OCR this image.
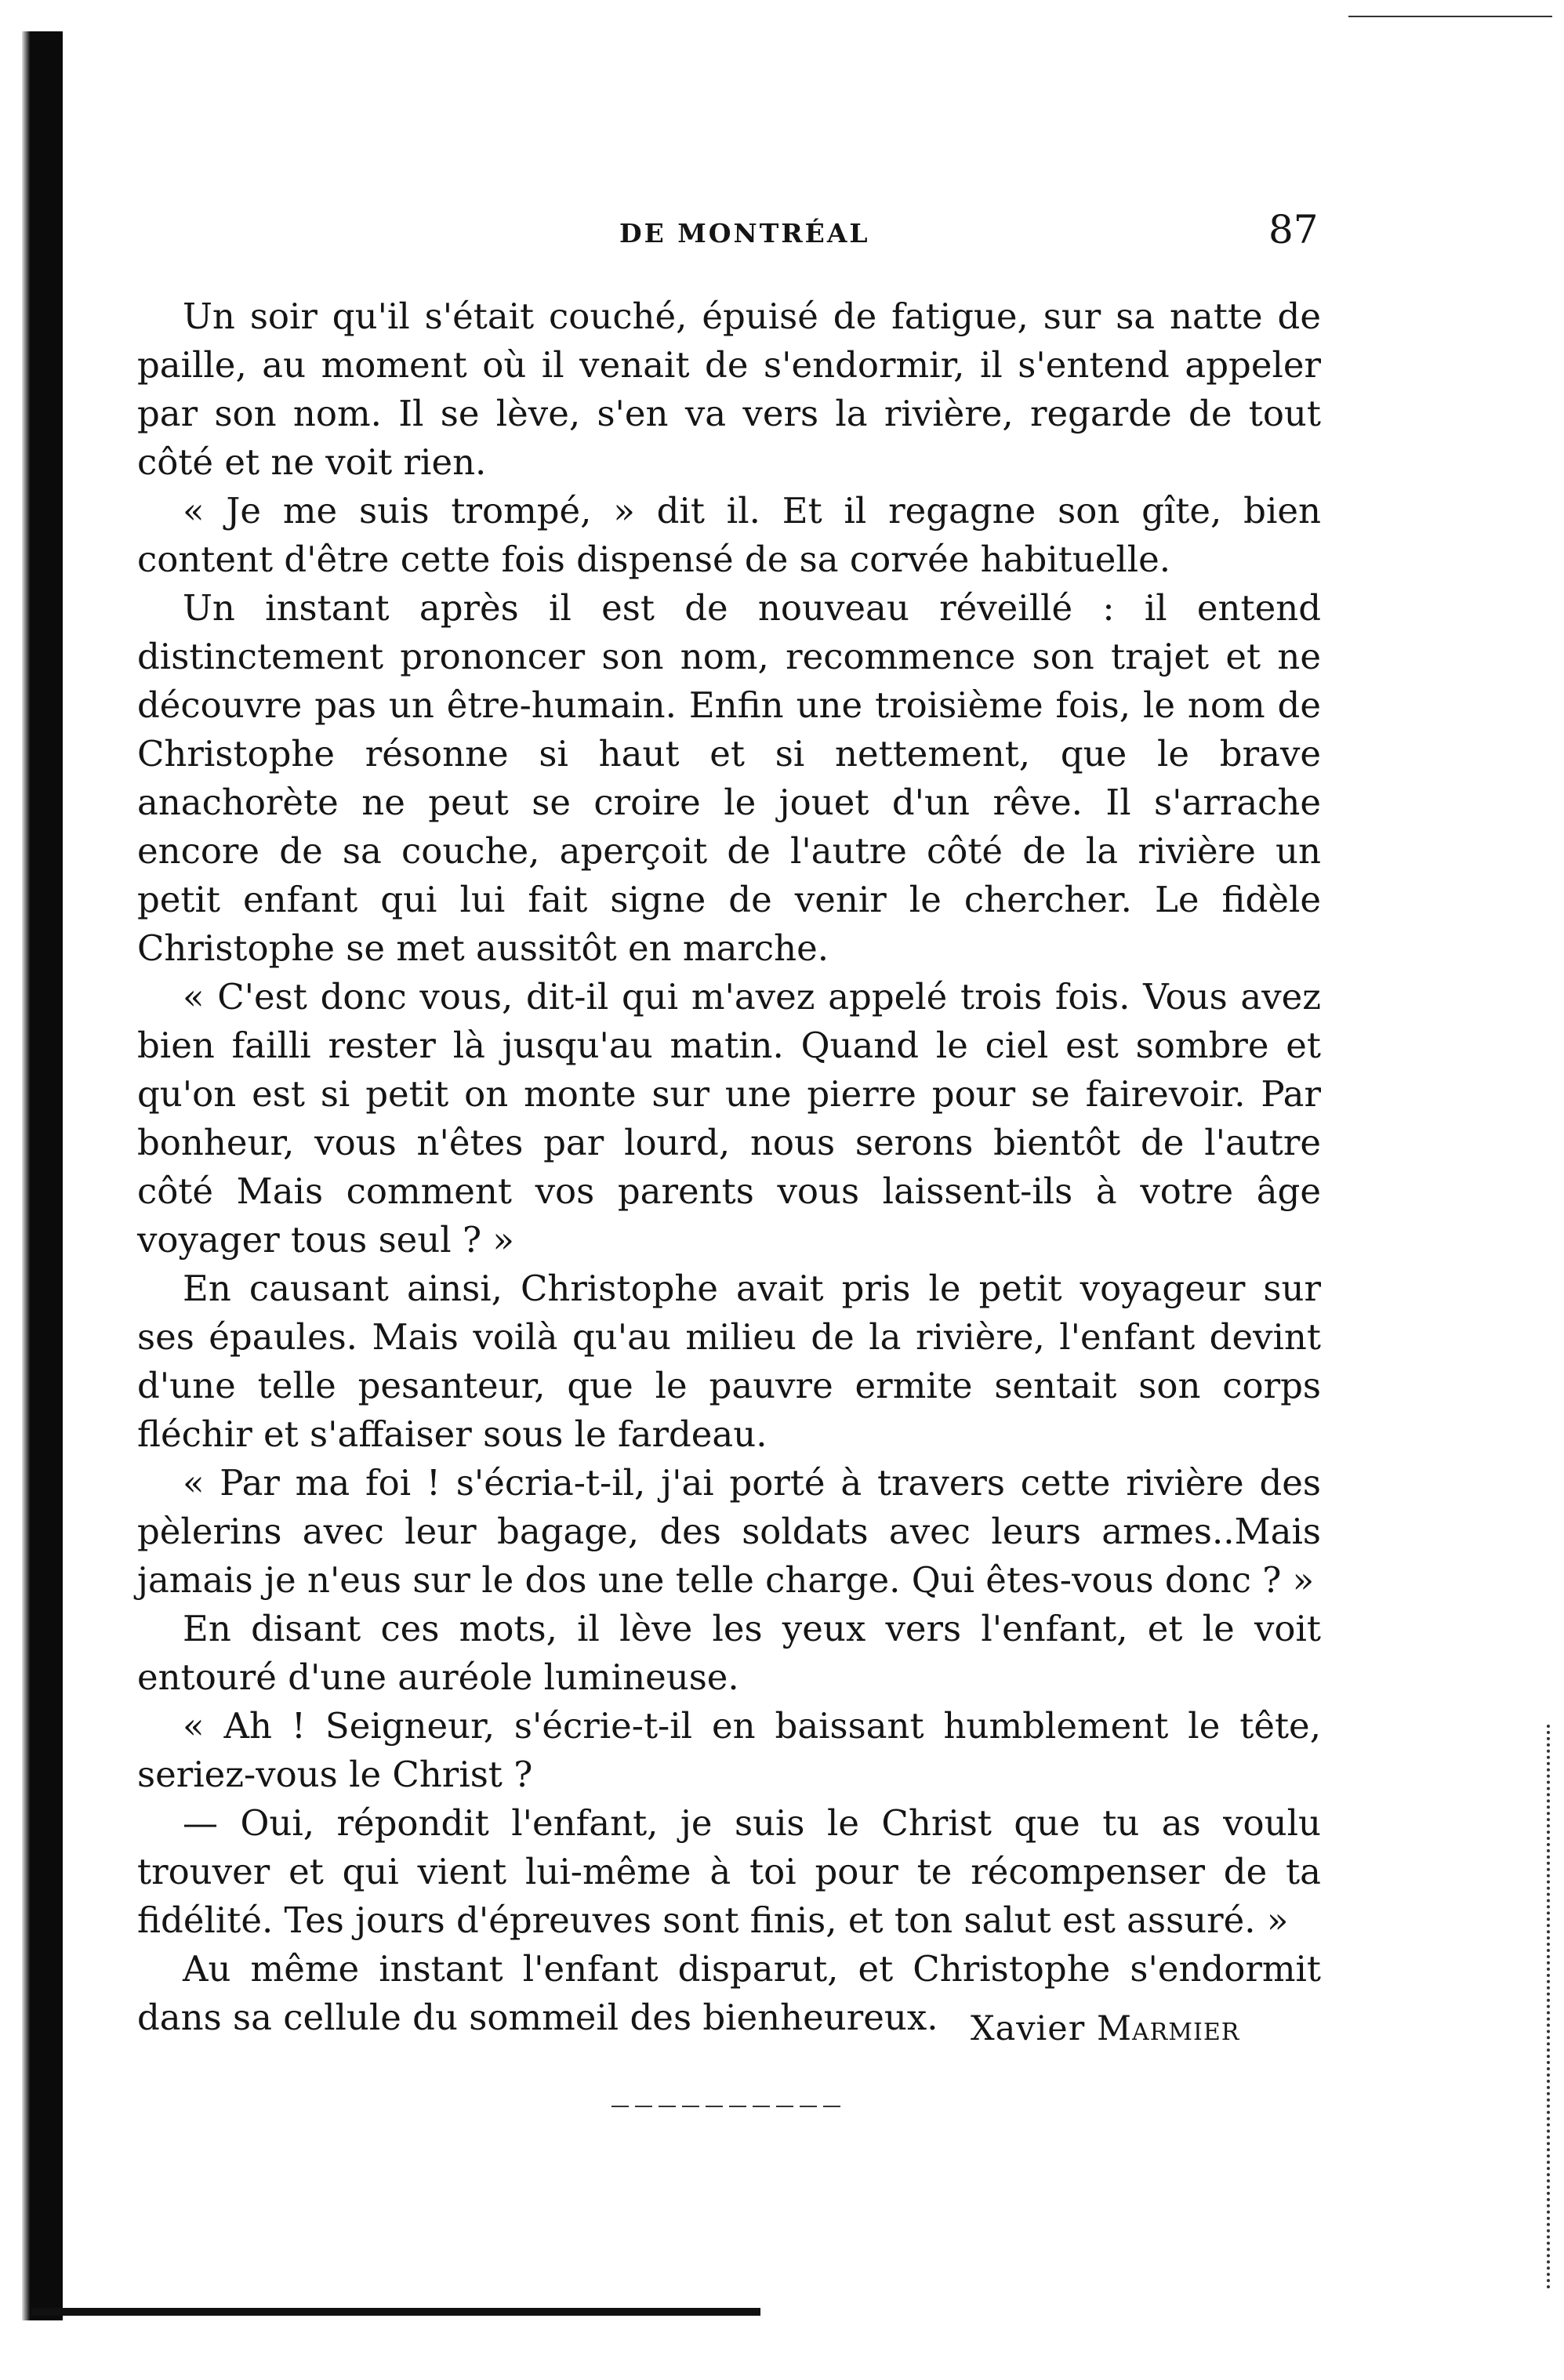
DE MONTRÉAL	87

Un soir qu'il s'était couché, épuisé de fatigue, sur sa natte de paille, au moment où il venait de s'endormir, il s'entend appeler par son nom. Il se lève, s'en va vers la rivière, regarde de tout côté et ne voit rien.

« Je me suis trompé, » dit il. Et il regagne son gîte, bien content d'être cette fois dispensé de sa corvée habituelle.

Un instant après il est de nouveau réveillé : il entend distinctement prononcer son nom, recommence son trajet et ne découvre pas un être-humain. Enfin une troisième fois, le nom de Christophe résonne si haut et si nettement, que le brave anachorète ne peut se croire le jouet d'un rêve. Il s'arrache encore de sa couche, aperçoit de l'autre côté de la rivière un petit enfant qui lui fait signe de venir le chercher. Le fidèle Christophe se met aussitôt en marche.

« C'est donc vous, dit-il qui m'avez appelé trois fois. Vous avez bien failli rester là jusqu'au matin. Quand le ciel est sombre et qu'on est si petit on monte sur une pierre pour se fairevoir. Par bonheur, vous n'êtes par lourd, nous serons bientôt de l'autre côté Mais comment vos parents vous laissent-ils à votre âge voyager tous seul ? »

En causant ainsi, Christophe avait pris le petit voyageur sur ses épaules. Mais voilà qu'au milieu de la rivière, l'enfant devint d'une telle pesanteur, que le pauvre ermite sentait son corps fléchir et s'affaiser sous le fardeau.

« Par ma foi ! s'écria-t-il, j'ai porté à travers cette rivière des pèlerins avec leur bagage, des soldats avec leurs armes..Mais jamais je n'eus sur le dos une telle charge. Qui êtes-vous donc ? »

En disant ces mots, il lève les yeux vers l'enfant, et le voit entouré d'une auréole lumineuse.

« Ah ! Seigneur, s'écrie-t-il en baissant humblement le tête, seriez-vous le Christ ?

— Oui, répondit l'enfant, je suis le Christ que tu as voulu trouver et qui vient lui-même à toi pour te récompenser de ta fidélité. Tes jours d'épreuves sont finis, et ton salut est assuré. »

Au même instant l'enfant disparut, et Christophe s'endormit dans sa cellule du sommeil des bienheureux. Xavier Marmier
